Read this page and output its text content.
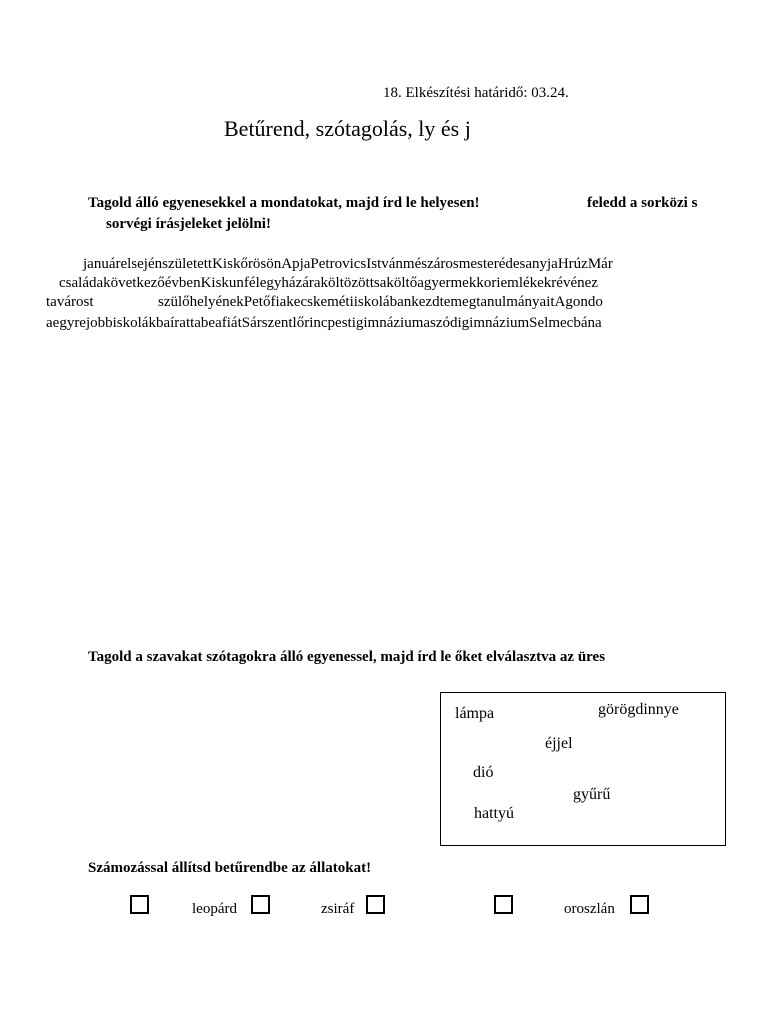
18. Elkészítési határidő: 03.24.
Betűrend, szótagolás, ly és j
Tagold álló egyenesekkel a mondatokat, majd írd le helyesen!	feledd a sorközi s
sorvégi írásjeleket jelölni!
januárelsejénszületettKiskőrösönApjaPetrovicsIstvánmészárosmesterédesanyjaHrúzMár
családakövetkezőévbenKiskunfélegyházáraköltözöttsaköltőagyermekkoriemlékekrévénez
tavárost	szülőhelyénekPetőfiakecskemétiiskolábankezdtemegtanulmányaitAgondo
aegyrejobbiskolákbaírattabeafiátSárszentlőrincpestigimnáziumaszódigimnáziumSelmecbána
Tagold a szavakat szótagokra álló egyenessel, majd írd le őket elválasztva az üres
lámpa	görögdinnye
éjjel
dió
gyűrű
hattyú
Számozással állítsd betűrendbe az állatokat!
leopárd	zsiráf	oroszlán
